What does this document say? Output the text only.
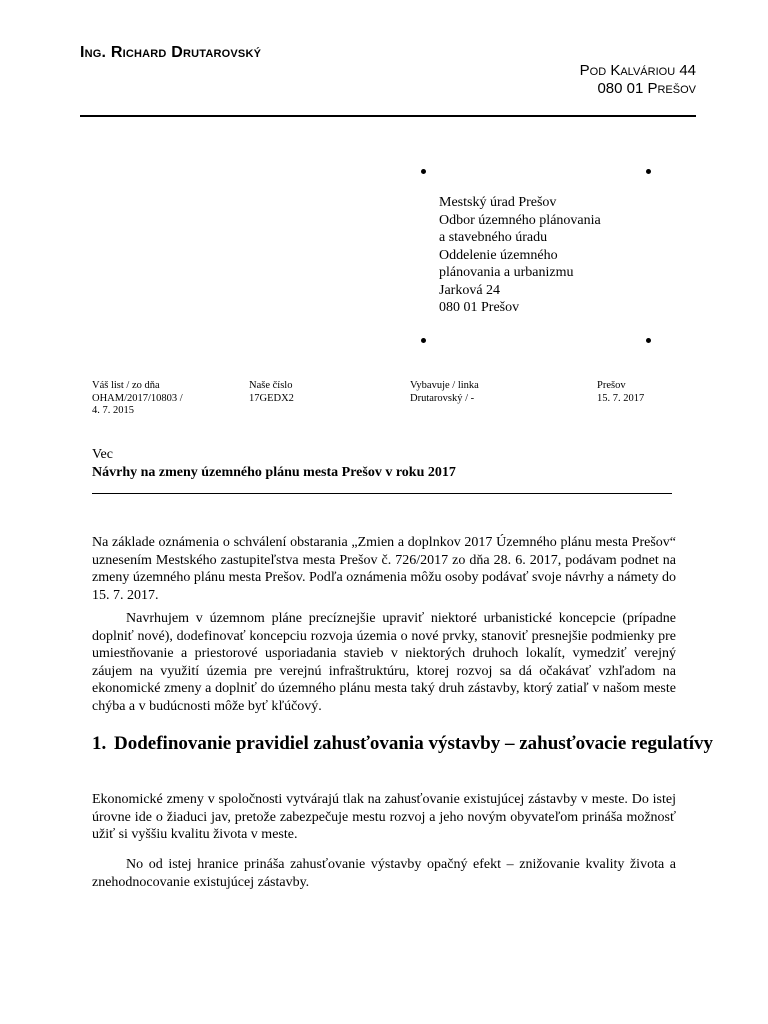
Ing. Richard Drutarovský
Pod Kalváriou 44
080 01 Prešov
Mestský úrad Prešov
Odbor územného plánovania
a stavebného úradu
Oddelenie územného
plánovania a urbanizmu
Jarková 24
080 01 Prešov
Váš list / zo dňa
OHAM/2017/10803 /
4. 7. 2015
Naše číslo
17GEDX2
Vybavuje / linka
Drutarovský / -
Prešov
15. 7. 2017
Vec
Návrhy na zmeny územného plánu mesta Prešov v roku 2017

Na základe oznámenia o schválení obstarania „Zmien a doplnkov 2017 Územného plánu mesta Prešov“ uznesením Mestského zastupiteľstva mesta Prešov č. 726/2017 zo dňa 28. 6. 2017, podávam podnet na zmeny územného plánu mesta Prešov. Podľa oznámenia môžu osoby podávať svoje návrhy a námety do 15. 7. 2017.

Navrhujem v územnom pláne precíznejšie upraviť niektoré urbanistické koncepcie (prípadne doplniť nové), dodefinovať koncepciu rozvoja územia o nové prvky, stanoviť presnejšie podmienky pre umiestňovanie a priestorové usporiadania stavieb v niektorých druhoch lokalít, vymedziť verejný záujem na využití územia pre verejnú infraštruktúru, ktorej rozvoj sa dá očakávať vzhľadom na ekonomické zmeny a doplniť do územného plánu mesta taký druh zástavby, ktorý zatiaľ v našom meste chýba a v budúcnosti môže byť kľúčový.

1. Dodefinovanie pravidiel zahusťovania výstavby – zahusťovacie regulatívy

Ekonomické zmeny v spoločnosti vytvárajú tlak na zahusťovanie existujúcej zástavby v meste. Do istej úrovne ide o žiaduci jav, pretože zabezpečuje mestu rozvoj a jeho novým obyvateľom prináša možnosť užiť si vyššiu kvalitu života v meste.

No od istej hranice prináša zahusťovanie výstavby opačný efekt – znižovanie kvality života a znehodnocovanie existujúcej zástavby.
